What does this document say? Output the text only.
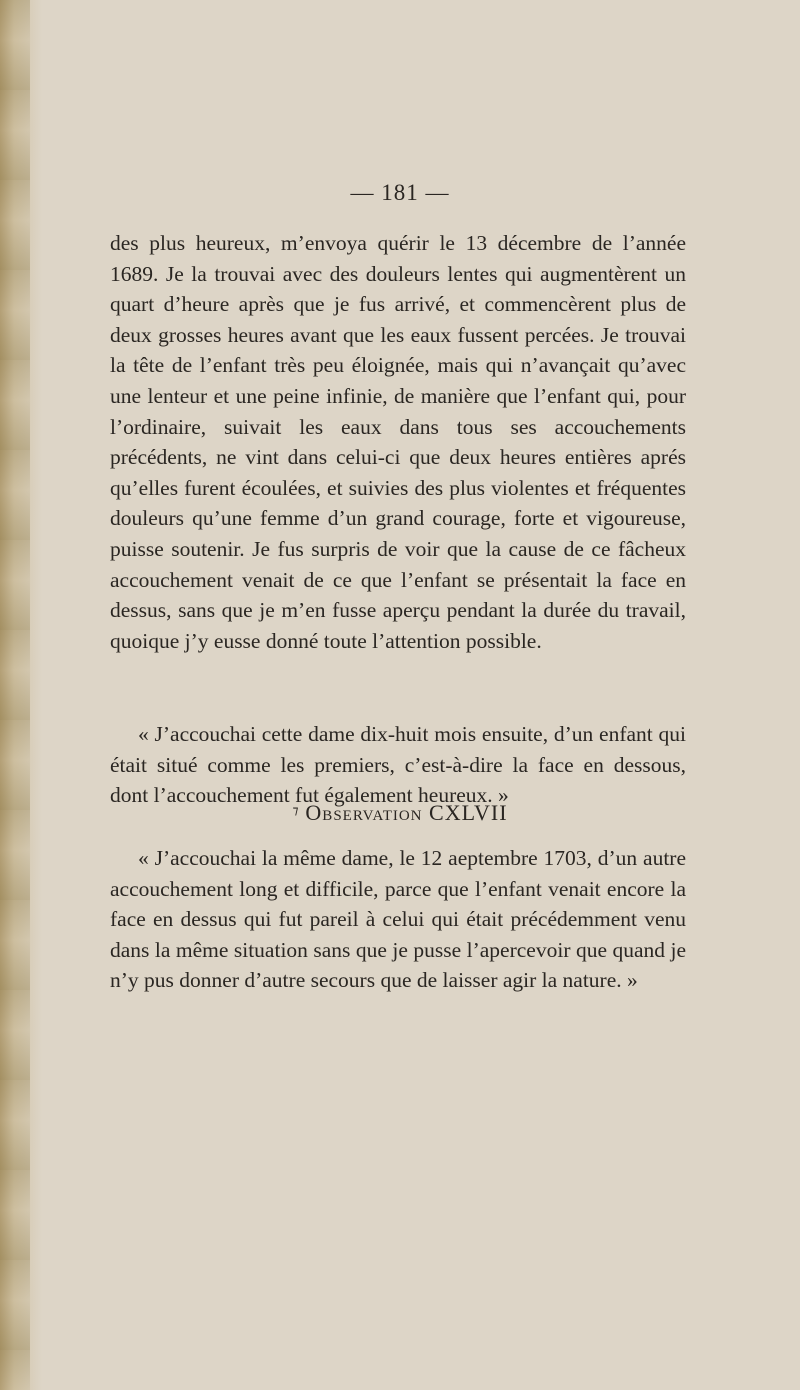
— 181 —

des plus heureux, m’envoya quérir le 13 décembre de l’année 1689. Je la trouvai avec des douleurs lentes qui augmentèrent un quart d’heure après que je fus arrivé, et commencèrent plus de deux grosses heures avant que les eaux fussent percées. Je trouvai la tête de l’enfant très peu éloignée, mais qui n’avançait qu’avec une lenteur et une peine infinie, de manière que l’enfant qui, pour l’ordinaire, suivait les eaux dans tous ses accouchements précédents, ne vint dans celui-ci que deux heures entières aprés qu’elles furent écoulées, et suivies des plus violentes et fréquentes douleurs qu’une femme d’un grand courage, forte et vigoureuse, puisse soutenir. Je fus surpris de voir que la cause de ce fâcheux accouchement venait de ce que l’enfant se présentait la face en dessus, sans que je m’en fusse aperçu pendant la durée du travail, quoique j’y eusse donné toute l’attention possible.

« J’accouchai cette dame dix-huit mois ensuite, d’un enfant qui était situé comme les premiers, c’est-à-dire la face en dessous, dont l’accouchement fut également heureux. »

⁊ Observation CXLVII

« J’accouchai la même dame, le 12 aeptembre 1703, d’un autre accouchement long et difficile, parce que l’enfant venait encore la face en dessus qui fut pareil à celui qui était précédemment venu dans la même situation sans que je pusse l’apercevoir que quand je n’y pus donner d’autre secours que de laisser agir la nature. »
